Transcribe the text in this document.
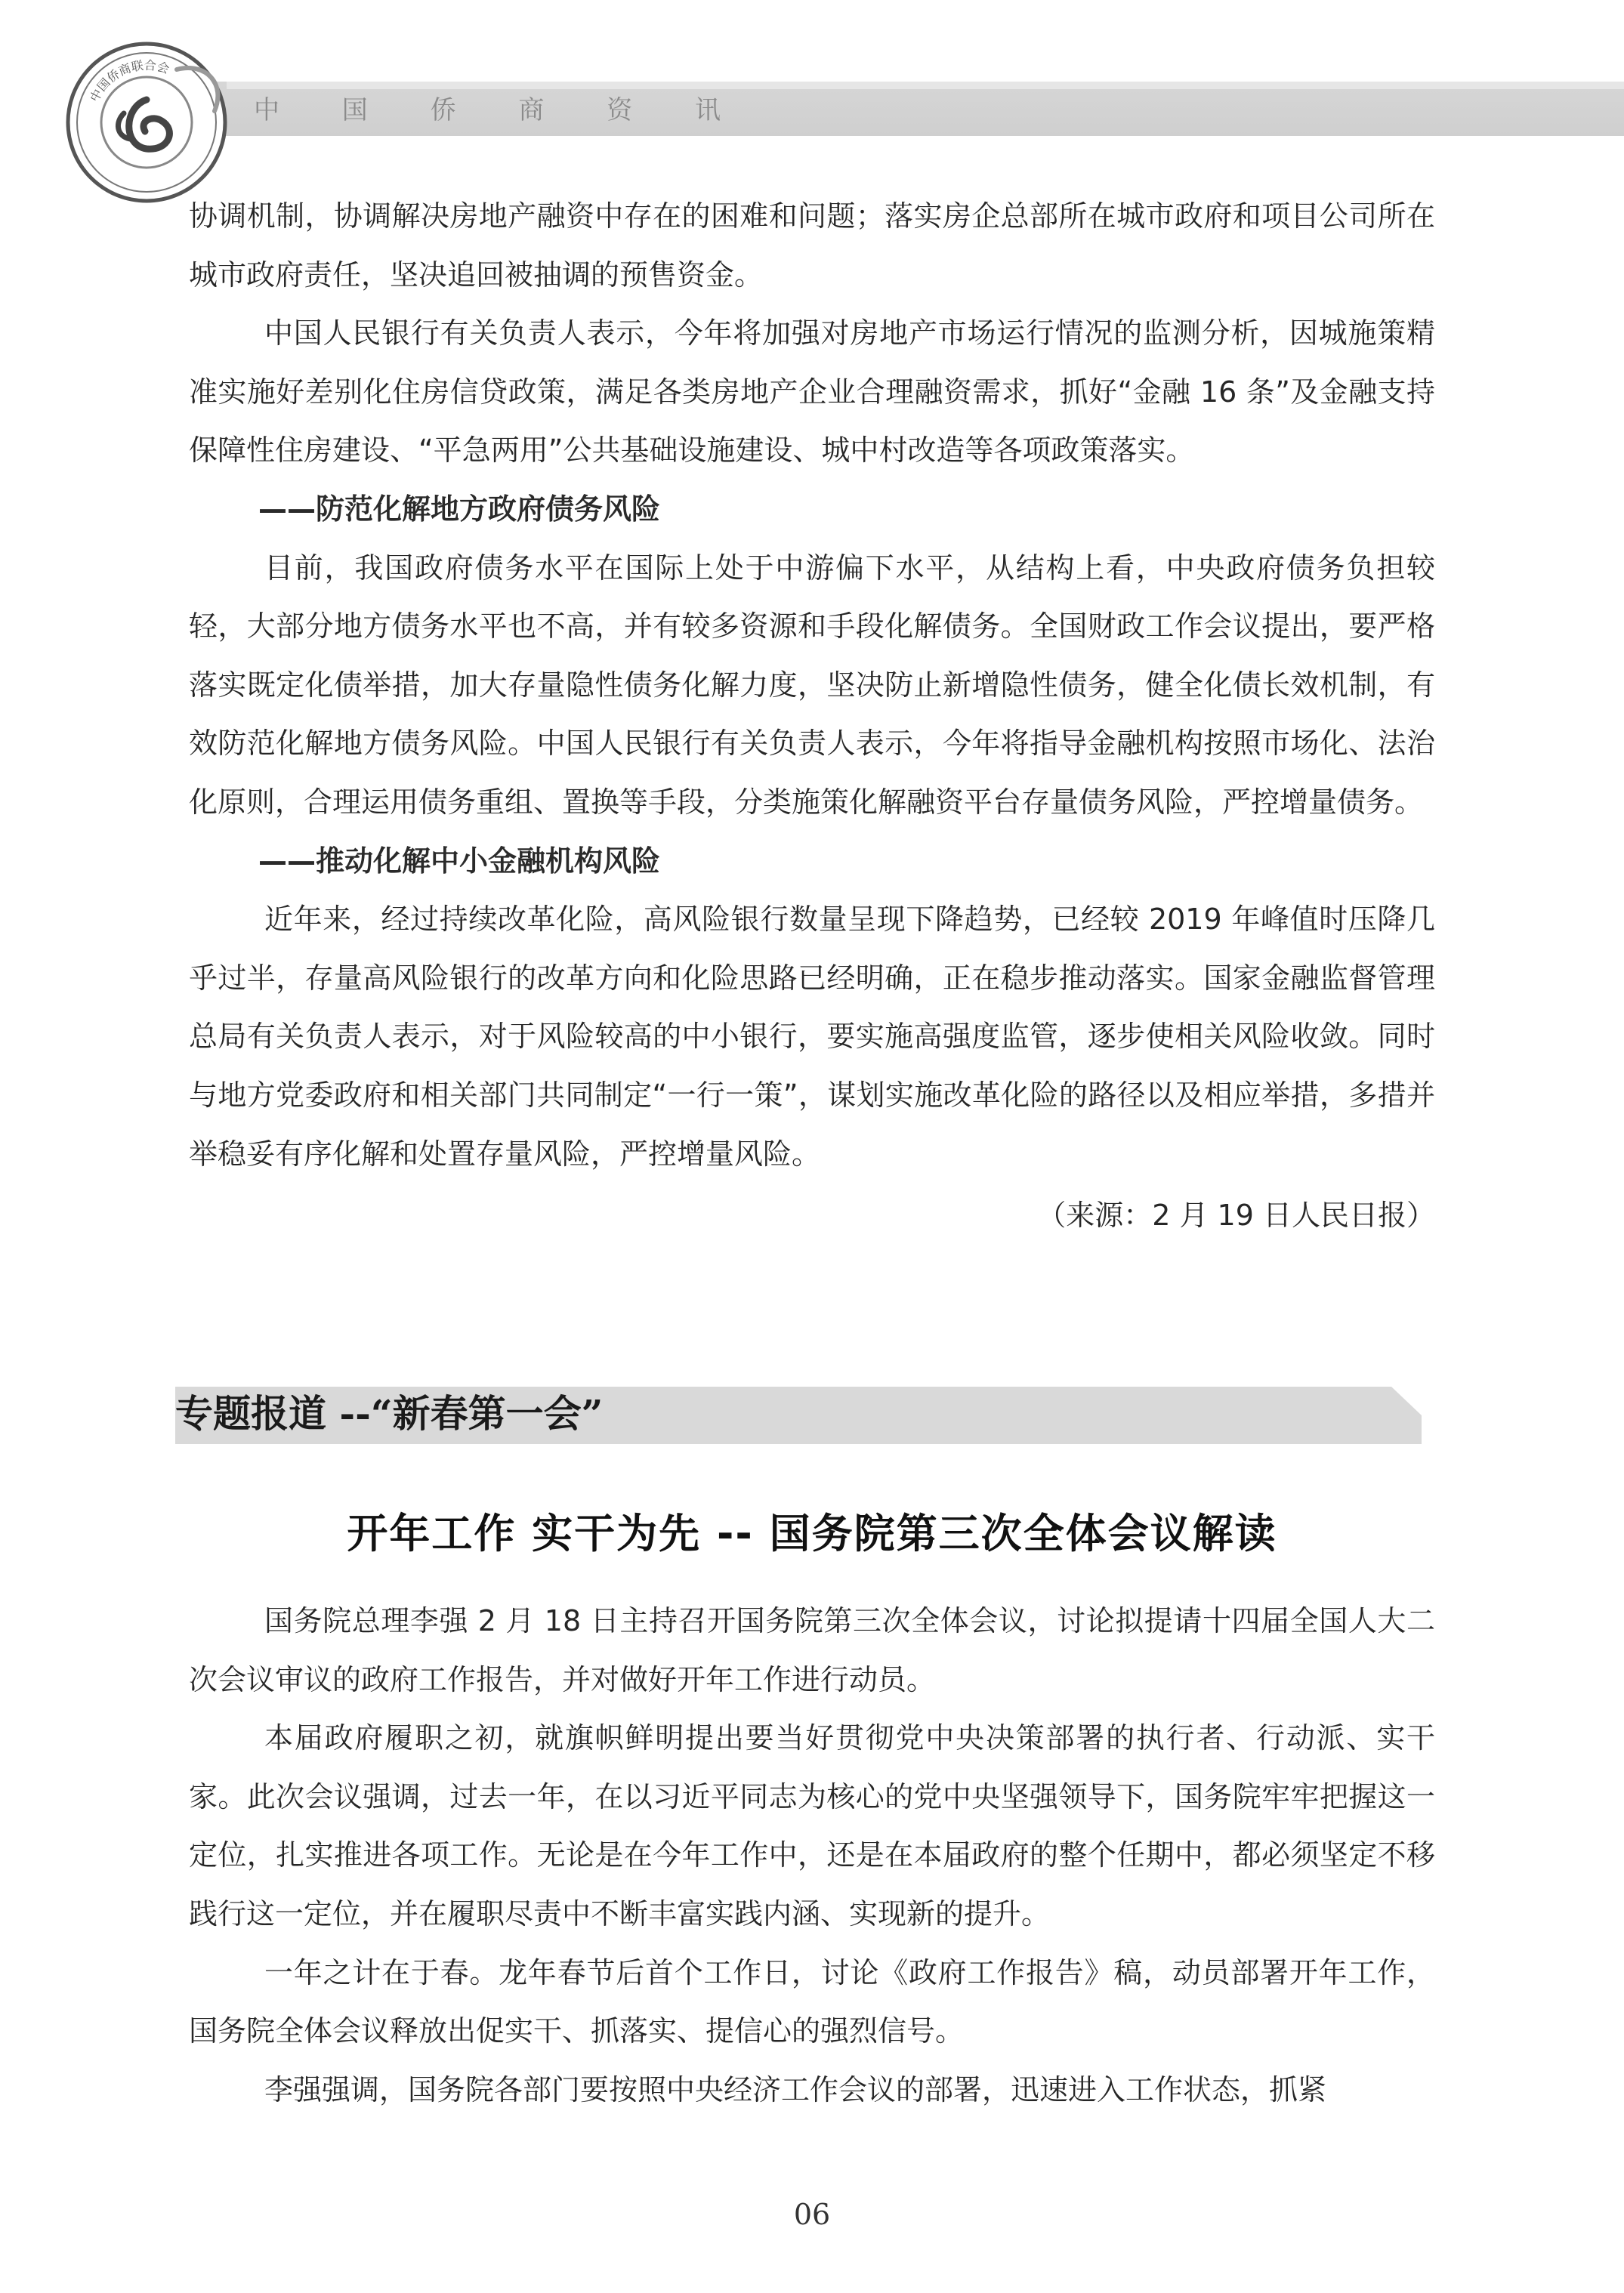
中 国 侨 商 资 讯
中国侨商联合会

协调机制，协调解决房地产融资中存在的困难和问题；落实房企总部所在城市政府和项目公司所在城市政府责任，坚决追回被抽调的预售资金。

中国人民银行有关负责人表示，今年将加强对房地产市场运行情况的监测分析，因城施策精准实施好差别化住房信贷政策，满足各类房地产企业合理融资需求，抓好“金融 16 条”及金融支持保障性住房建设、“平急两用”公共基础设施建设、城中村改造等各项政策落实。

——防范化解地方政府债务风险

目前，我国政府债务水平在国际上处于中游偏下水平，从结构上看，中央政府债务负担较轻，大部分地方债务水平也不高，并有较多资源和手段化解债务。全国财政工作会议提出，要严格落实既定化债举措，加大存量隐性债务化解力度，坚决防止新增隐性债务，健全化债长效机制，有效防范化解地方债务风险。中国人民银行有关负责人表示，今年将指导金融机构按照市场化、法治化原则，合理运用债务重组、置换等手段，分类施策化解融资平台存量债务风险，严控增量债务。

——推动化解中小金融机构风险

近年来，经过持续改革化险，高风险银行数量呈现下降趋势，已经较 2019 年峰值时压降几乎过半，存量高风险银行的改革方向和化险思路已经明确，正在稳步推动落实。国家金融监督管理总局有关负责人表示，对于风险较高的中小银行，要实施高强度监管，逐步使相关风险收敛。同时与地方党委政府和相关部门共同制定“一行一策”，谋划实施改革化险的路径以及相应举措，多措并举稳妥有序化解和处置存量风险，严控增量风险。

（来源：2 月 19 日人民日报）

专题报道 --“新春第一会”
开年工作 实干为先 -- 国务院第三次全体会议解读

国务院总理李强 2 月 18 日主持召开国务院第三次全体会议，讨论拟提请十四届全国人大二次会议审议的政府工作报告，并对做好开年工作进行动员。

本届政府履职之初，就旗帜鲜明提出要当好贯彻党中央决策部署的执行者、行动派、实干家。此次会议强调，过去一年，在以习近平同志为核心的党中央坚强领导下，国务院牢牢把握这一定位，扎实推进各项工作。无论是在今年工作中，还是在本届政府的整个任期中，都必须坚定不移践行这一定位，并在履职尽责中不断丰富实践内涵、实现新的提升。

一年之计在于春。龙年春节后首个工作日，讨论《政府工作报告》稿，动员部署开年工作，国务院全体会议释放出促实干、抓落实、提信心的强烈信号。

李强强调，国务院各部门要按照中央经济工作会议的部署，迅速进入工作状态，抓紧

06
